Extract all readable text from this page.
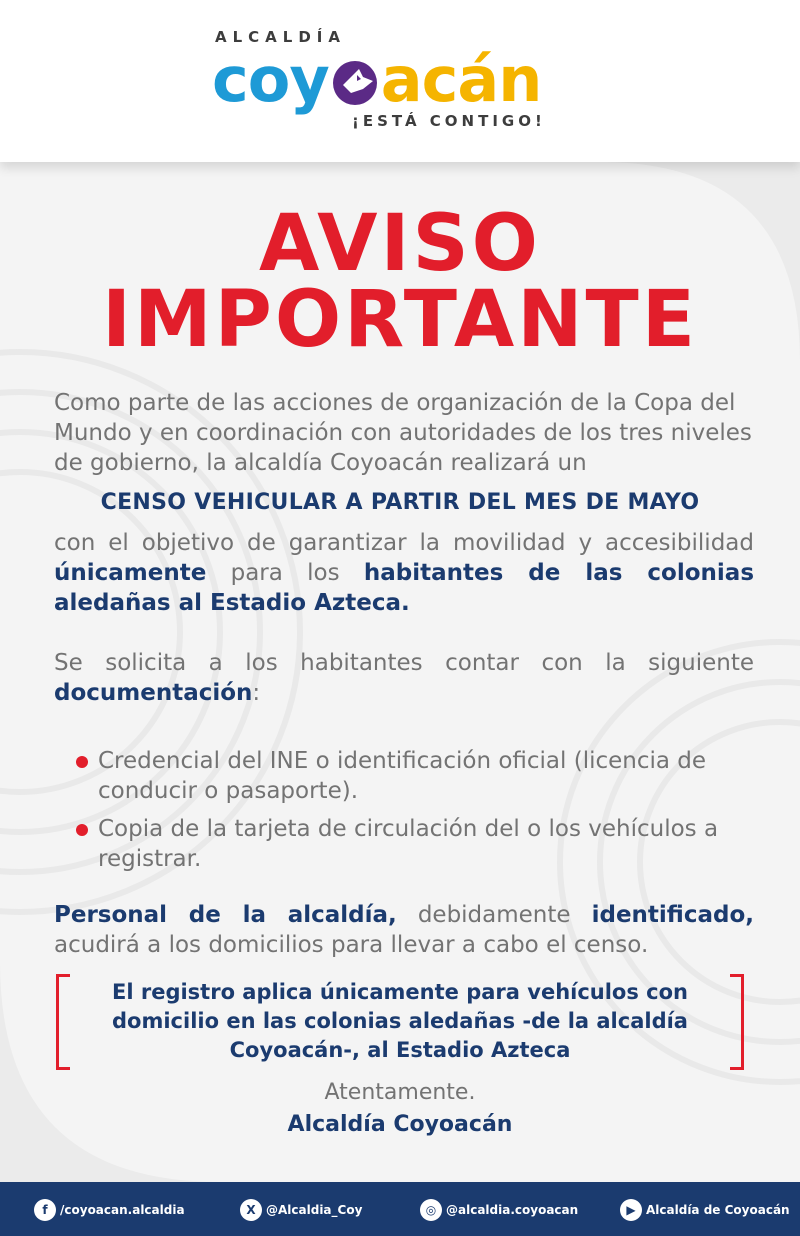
ALCALDÍA
coy acán
¡ESTÁ CONTIGO!
AVISO
IMPORTANTE
Como parte de las acciones de organización de la Copa del Mundo y en coordinación con autoridades de los tres niveles de gobierno, la alcaldía Coyoacán realizará un
CENSO VEHICULAR A PARTIR DEL MES DE MAYO
con el objetivo de garantizar la movilidad y accesibilidad únicamente para los habitantes de las colonias aledañas al Estadio Azteca.
Se solicita a los habitantes contar con la siguiente documentación:
Credencial del INE o identificación oficial (licencia de conducir o pasaporte).
Copia de la tarjeta de circulación del o los vehículos a registrar.
Personal de la alcaldía, debidamente identificado, acudirá a los domicilios para llevar a cabo el censo.
El registro aplica únicamente para vehículos con domicilio en las colonias aledañas -de la alcaldía Coyoacán-, al Estadio Azteca
Atentamente.
Alcaldía Coyoacán
f	/coyoacan.alcaldia	X @Alcaldia_Coy	◎ @alcaldia.coyoacan	▶ Alcaldía de Coyoacán
